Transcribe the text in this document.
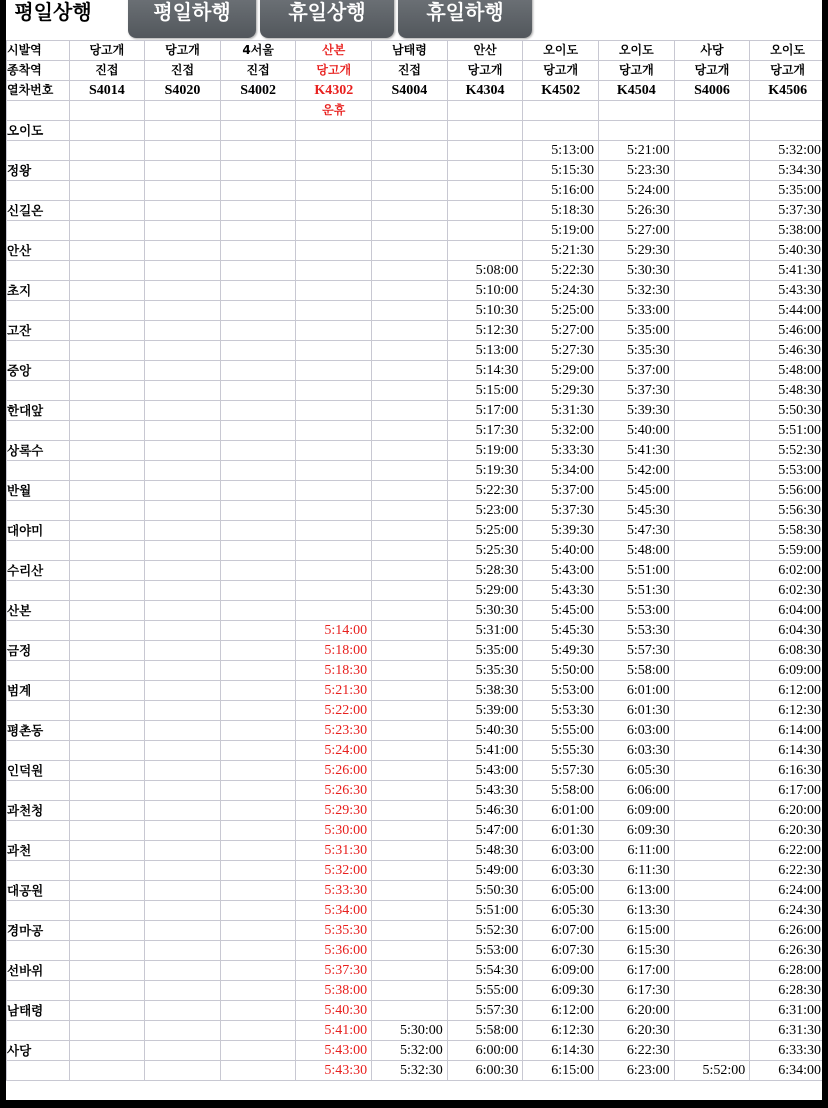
평일상행	평일하행	휴일상행	휴일하행
시발역	당고개	당고개	4서울	산본	남태령	안산	오이도	오이도	사당	오이도
종착역	진접	진접	진접	당고개	진접	당고개	당고개	당고개	당고개	당고개
열차번호	S4014	S4020	S4002	K4302	S4004	K4304	K4502	K4504	S4006	K4506
				운휴						
오이도										
							5:13:00	5:21:00		5:32:00
정왕							5:15:30	5:23:30		5:34:30
							5:16:00	5:24:00		5:35:00
신길온							5:18:30	5:26:30		5:37:30
							5:19:00	5:27:00		5:38:00
안산							5:21:30	5:29:30		5:40:30
						5:08:00	5:22:30	5:30:30		5:41:30
초지						5:10:00	5:24:30	5:32:30		5:43:30
						5:10:30	5:25:00	5:33:00		5:44:00
고잔						5:12:30	5:27:00	5:35:00		5:46:00
						5:13:00	5:27:30	5:35:30		5:46:30
중앙						5:14:30	5:29:00	5:37:00		5:48:00
						5:15:00	5:29:30	5:37:30		5:48:30
한대앞						5:17:00	5:31:30	5:39:30		5:50:30
						5:17:30	5:32:00	5:40:00		5:51:00
상록수						5:19:00	5:33:30	5:41:30		5:52:30
						5:19:30	5:34:00	5:42:00		5:53:00
반월						5:22:30	5:37:00	5:45:00		5:56:00
						5:23:00	5:37:30	5:45:30		5:56:30
대야미						5:25:00	5:39:30	5:47:30		5:58:30
						5:25:30	5:40:00	5:48:00		5:59:00
수리산						5:28:30	5:43:00	5:51:00		6:02:00
						5:29:00	5:43:30	5:51:30		6:02:30
산본						5:30:30	5:45:00	5:53:00		6:04:00
				5:14:00		5:31:00	5:45:30	5:53:30		6:04:30
금정				5:18:00		5:35:00	5:49:30	5:57:30		6:08:30
				5:18:30		5:35:30	5:50:00	5:58:00		6:09:00
범계				5:21:30		5:38:30	5:53:00	6:01:00		6:12:00
				5:22:00		5:39:00	5:53:30	6:01:30		6:12:30
평촌동				5:23:30		5:40:30	5:55:00	6:03:00		6:14:00
				5:24:00		5:41:00	5:55:30	6:03:30		6:14:30
인덕원				5:26:00		5:43:00	5:57:30	6:05:30		6:16:30
				5:26:30		5:43:30	5:58:00	6:06:00		6:17:00
과천청				5:29:30		5:46:30	6:01:00	6:09:00		6:20:00
				5:30:00		5:47:00	6:01:30	6:09:30		6:20:30
과천				5:31:30		5:48:30	6:03:00	6:11:00		6:22:00
				5:32:00		5:49:00	6:03:30	6:11:30		6:22:30
대공원				5:33:30		5:50:30	6:05:00	6:13:00		6:24:00
				5:34:00		5:51:00	6:05:30	6:13:30		6:24:30
경마공				5:35:30		5:52:30	6:07:00	6:15:00		6:26:00
				5:36:00		5:53:00	6:07:30	6:15:30		6:26:30
선바위				5:37:30		5:54:30	6:09:00	6:17:00		6:28:00
				5:38:00		5:55:00	6:09:30	6:17:30		6:28:30
남태령				5:40:30		5:57:30	6:12:00	6:20:00		6:31:00
				5:41:00	5:30:00	5:58:00	6:12:30	6:20:30		6:31:30
사당				5:43:00	5:32:00	6:00:00	6:14:30	6:22:30		6:33:30
				5:43:30	5:32:30	6:00:30	6:15:00	6:23:00	5:52:00	6:34:00
